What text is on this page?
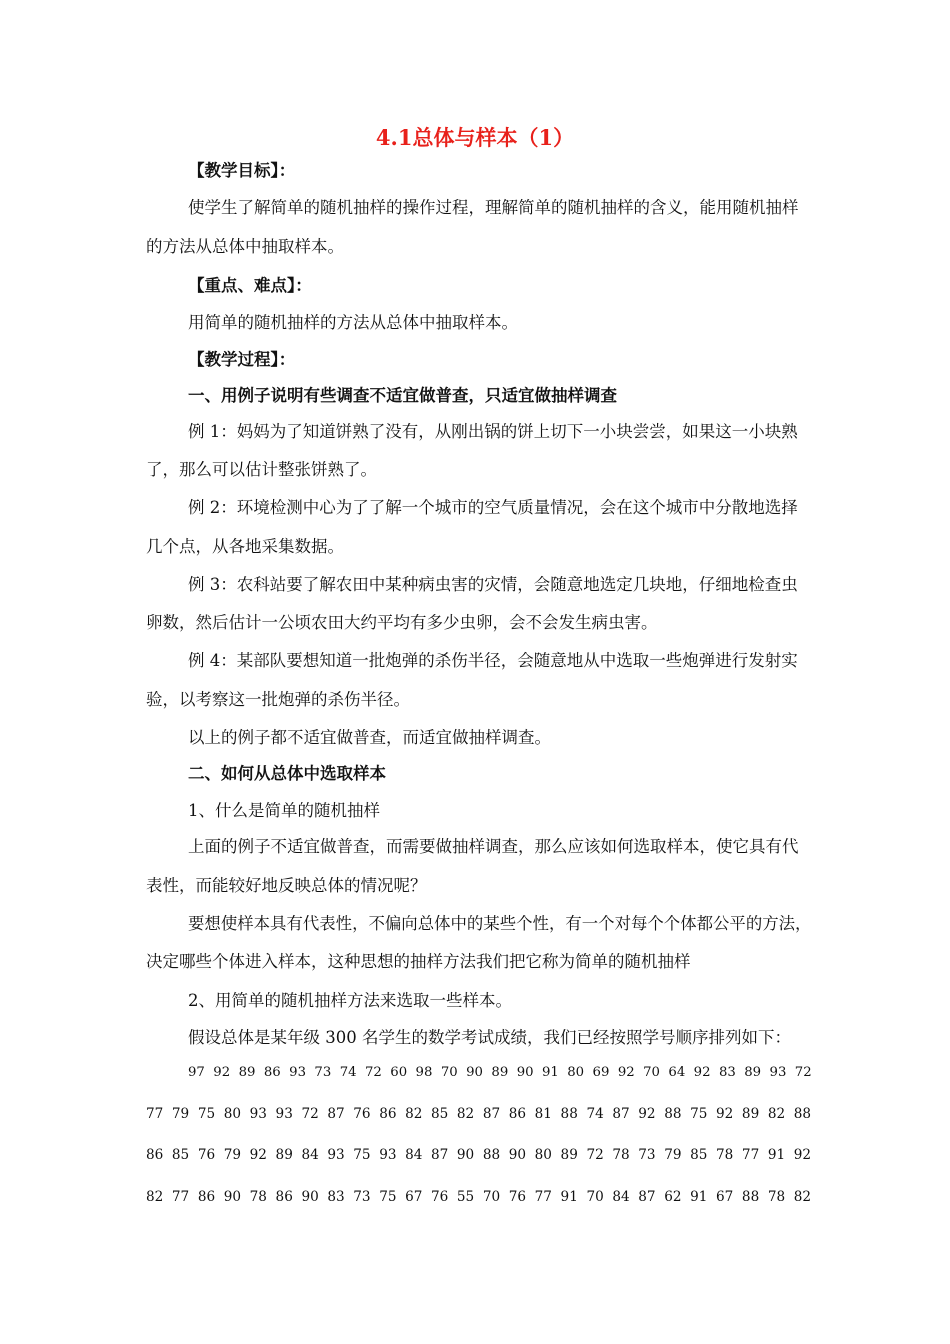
4.1总体与样本（1）
【教学目标】：
使学生了解简单的随机抽样的操作过程，理解简单的随机抽样的含义，能用随机抽样
的方法从总体中抽取样本。
【重点、难点】：
用简单的随机抽样的方法从总体中抽取样本。
【教学过程】：
一、用例子说明有些调查不适宜做普查，只适宜做抽样调查
例 1：妈妈为了知道饼熟了没有，从刚出锅的饼上切下一小块尝尝，如果这一小块熟
了，那么可以估计整张饼熟了。
例 2：环境检测中心为了了解一个城市的空气质量情况，会在这个城市中分散地选择
几个点，从各地采集数据。
例 3：农科站要了解农田中某种病虫害的灾情，会随意地选定几块地，仔细地检查虫
卵数，然后估计一公顷农田大约平均有多少虫卵，会不会发生病虫害。
例 4：某部队要想知道一批炮弹的杀伤半径，会随意地从中选取一些炮弹进行发射实
验，以考察这一批炮弹的杀伤半径。
以上的例子都不适宜做普查，而适宜做抽样调查。
二、如何从总体中选取样本
1、什么是简单的随机抽样
上面的例子不适宜做普查，而需要做抽样调查，那么应该如何选取样本，使它具有代
表性，而能较好地反映总体的情况呢？
要想使样本具有代表性，不偏向总体中的某些个性，有一个对每个个体都公平的方法，
决定哪些个体进入样本，这种思想的抽样方法我们把它称为简单的随机抽样
2、用简单的随机抽样方法来选取一些样本。
假设总体是某年级 300 名学生的数学考试成绩，我们已经按照学号顺序排列如下：
97  92  89  86  93  73  74  72  60  98  70  90  89  90  91  80  69  92  70  64  92  83  89  93  72
77  79  75  80  93  93  72  87  76  86  82  85  82  87  86  81  88  74  87  92  88  75  92  89  82  88
86  85  76  79  92  89  84  93  75  93  84  87  90  88  90  80  89  72  78  73  79  85  78  77  91  92
82  77  86  90  78  86  90  83  73  75  67  76  55  70  76  77  91  70  84  87  62  91  67  88  78  82
